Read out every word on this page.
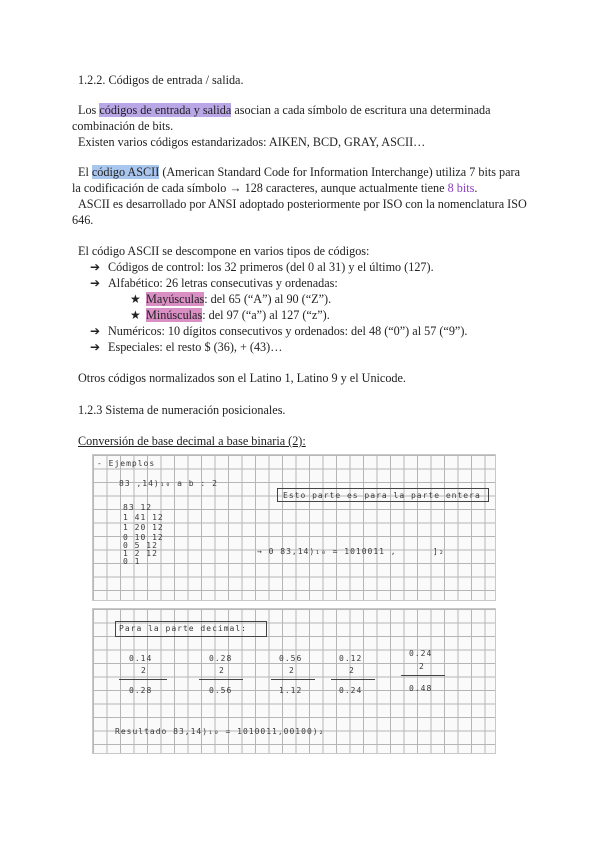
1.2.2. Códigos de entrada / salida.
Los códigos de entrada y salida asocian a cada símbolo de escritura una determinada
combinación de bits.
Existen varios códigos estandarizados: AIKEN, BCD, GRAY, ASCII…
El código ASCII (American Standard Code for Information Interchange) utiliza 7 bits para
la codificación de cada símbolo → 128 caracteres, aunque actualmente tiene 8 bits.
ASCII es desarrollado por ANSI adoptado posteriormente por ISO con la nomenclatura ISO
646.
El código ASCII se descompone en varios tipos de códigos:
➔ Códigos de control: los 32 primeros (del 0 al 31) y el último (127).
➔ Alfabético: 26 letras consecutivas y ordenadas:
★ Mayúsculas: del 65 (“A”) al 90 (“Z”).
★ Minúsculas: del 97 (“a”) al 127 (“z”).
➔ Numéricos: 10 dígitos consecutivos y ordenados: del 48 (“0”) al 57 (“9”).
➔ Especiales: el resto $ (36), + (43)…
Otros códigos normalizados son el Latino 1, Latino 9 y el Unicode.
1.2.3 Sistema de numeración posicionales.
Conversión de base decimal a base binaria (2):
- Ejemplos
83 ,14)₁₀ a b : 2
Esto parte es para la parte entera
83 12
1 41 12
1 20 12
0 10 12
0 5 12
1 2 12
0 1
→ 0 83,14)₁₀ = 1010011 ,	]₂
Para la parte decimal:
0.14
2
0.28
0.28
2
0.56
0.56
2
1.12
0.12
2
0.24
0.24
2
0.48
Resultado 83,14)₁₀ = 1010011,00100)₂
